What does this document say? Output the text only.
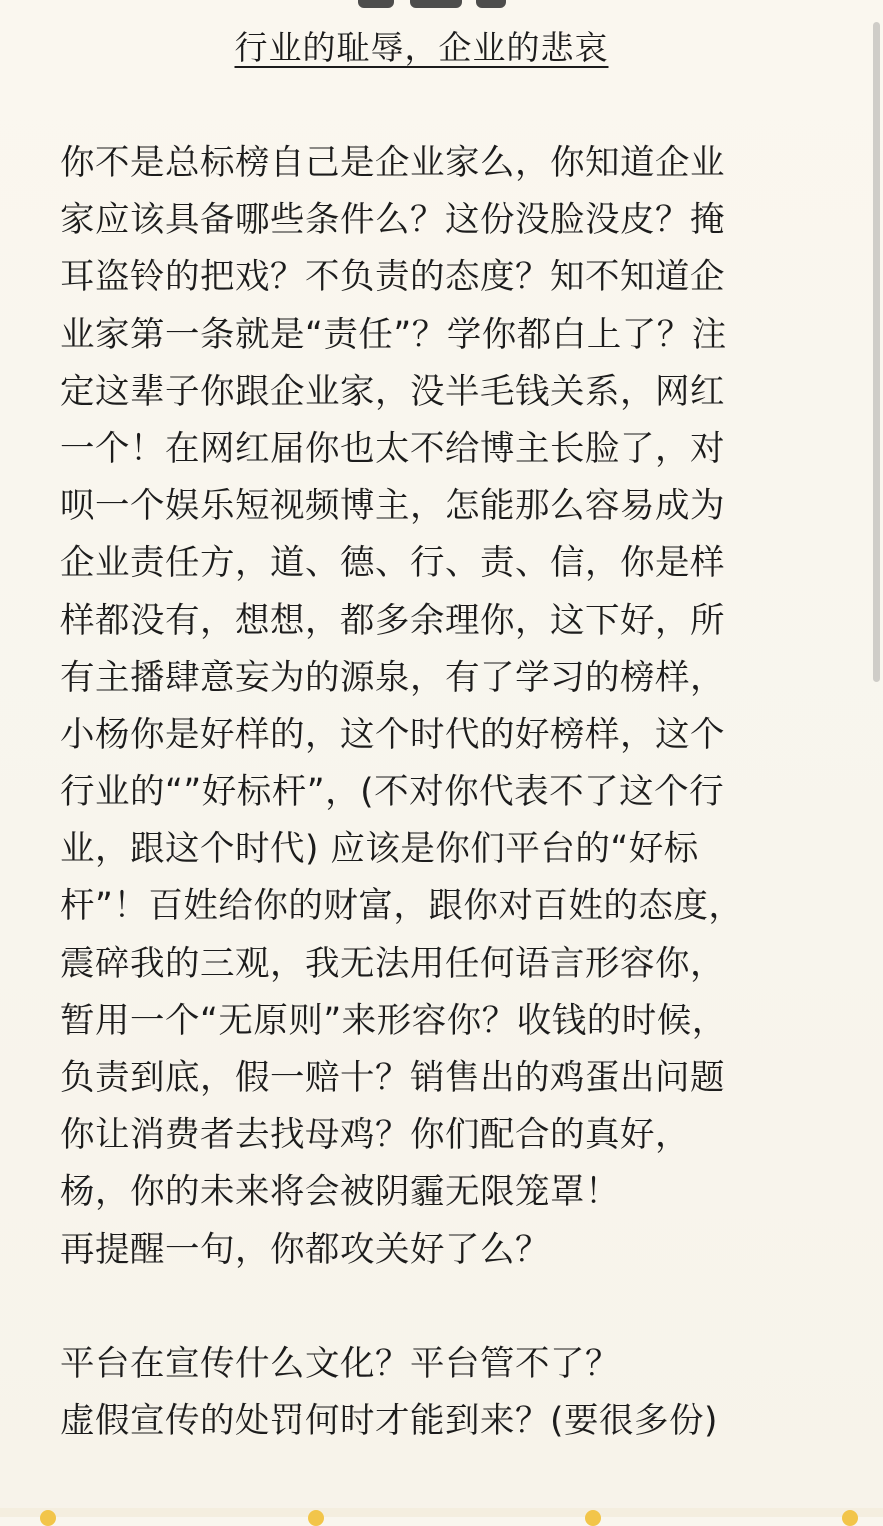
行业的耻辱，企业的悲哀
你不是总标榜自己是企业家么，你知道企业
家应该具备哪些条件么？这份没脸没皮？掩
耳盗铃的把戏？不负责的态度？知不知道企
业家第一条就是“责任”？学你都白上了？注
定这辈子你跟企业家，没半毛钱关系，网红
一个！在网红届你也太不给博主长脸了，对
呗一个娱乐短视频博主，怎能那么容易成为
企业责任方，道、德、行、责、信，你是样
样都没有，想想，都多余理你，这下好，所
有主播肆意妄为的源泉，有了学习的榜样，
小杨你是好样的，这个时代的好榜样，这个
行业的“”好标杆”，(不对你代表不了这个行
业，跟这个时代) 应该是你们平台的“好标
杆”！百姓给你的财富，跟你对百姓的态度，
震碎我的三观，我无法用任何语言形容你，
暂用一个“无原则”来形容你？收钱的时候，
负责到底，假一赔十？销售出的鸡蛋出问题
你让消费者去找母鸡？你们配合的真好，
杨，你的未来将会被阴霾无限笼罩！
再提醒一句，你都攻关好了么？
平台在宣传什么文化？平台管不了？
虚假宣传的处罚何时才能到来？(要很多份)
